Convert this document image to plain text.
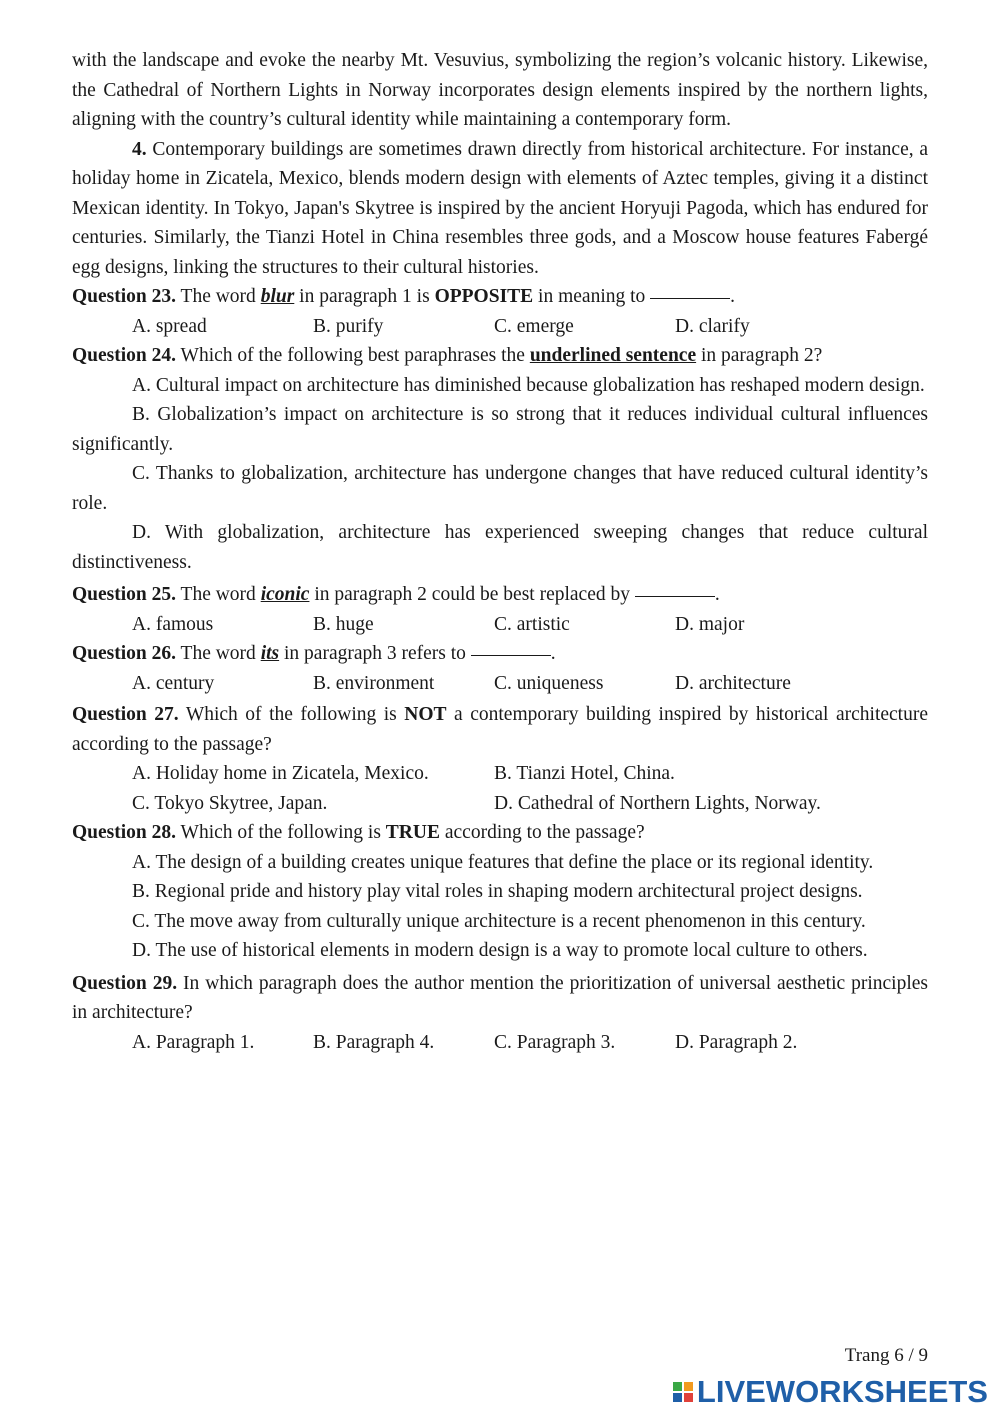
with the landscape and evoke the nearby Mt. Vesuvius, symbolizing the region’s volcanic history. Likewise, the Cathedral of Northern Lights in Norway incorporates design elements inspired by the northern lights, aligning with the country’s cultural identity while maintaining a contemporary form.

4. Contemporary buildings are sometimes drawn directly from historical architecture. For instance, a holiday home in Zicatela, Mexico, blends modern design with elements of Aztec temples, giving it a distinct Mexican identity. In Tokyo, Japan's Skytree is inspired by the ancient Horyuji Pagoda, which has endured for centuries. Similarly, the Tianzi Hotel in China resembles three gods, and a Moscow house features Fabergé egg designs, linking the structures to their cultural histories.

Question 23. The word blur in paragraph 1 is OPPOSITE in meaning to	.

A. spread	B. purify	C. emerge	D. clarify

Question 24. Which of the following best paraphrases the underlined sentence in paragraph 2?

A. Cultural impact on architecture has diminished because globalization has reshaped modern design.

B. Globalization’s impact on architecture is so strong that it reduces individual cultural influences significantly.

C. Thanks to globalization, architecture has undergone changes that have reduced cultural identity’s role.

D. With globalization, architecture has experienced sweeping changes that reduce cultural distinctiveness.

Question 25. The word iconic in paragraph 2 could be best replaced by	.

A. famous	B. huge	C. artistic	D. major

Question 26. The word its in paragraph 3 refers to	.

A. century	B. environment	C. uniqueness	D. architecture

Question 27. Which of the following is NOT a contemporary building inspired by historical architecture according to the passage?

A. Holiday home in Zicatela, Mexico.	B. Tianzi Hotel, China.
C. Tokyo Skytree, Japan.	D. Cathedral of Northern Lights, Norway.

Question 28. Which of the following is TRUE according to the passage?

A. The design of a building creates unique features that define the place or its regional identity.

B. Regional pride and history play vital roles in shaping modern architectural project designs.

C. The move away from culturally unique architecture is a recent phenomenon in this century.

D. The use of historical elements in modern design is a way to promote local culture to others.

Question 29. In which paragraph does the author mention the prioritization of universal aesthetic principles in architecture?

A. Paragraph 1.	B. Paragraph 4.	C. Paragraph 3.	D. Paragraph 2.
Trang 6 / 9
LIVEWORKSHEETS
